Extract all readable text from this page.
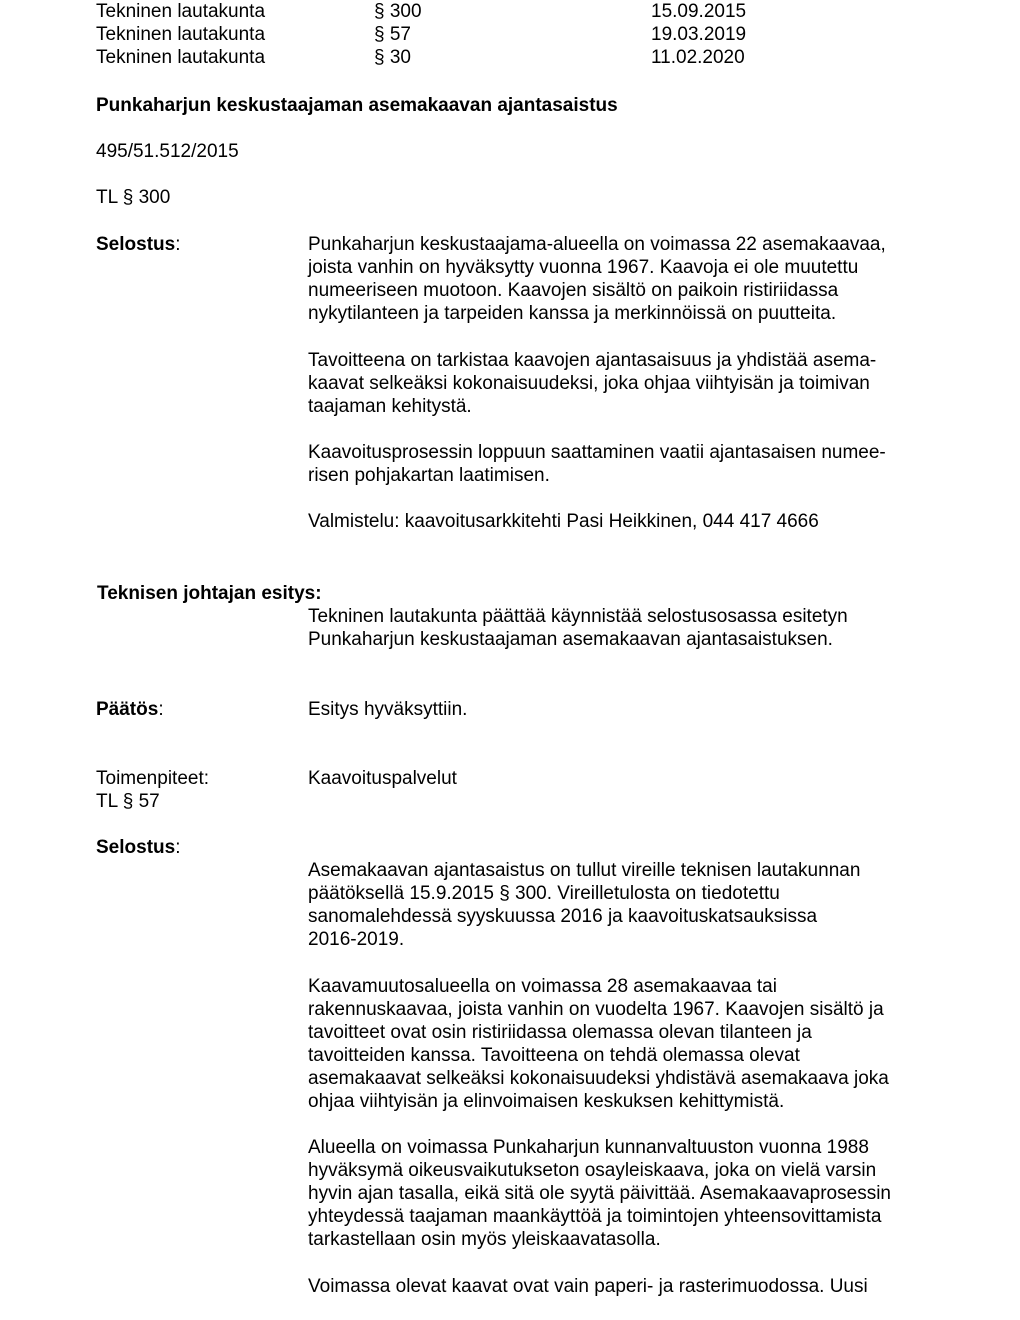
Tekninen lautakunta	§ 300	15.09.2015
Tekninen lautakunta	§ 57	19.03.2019
Tekninen lautakunta	§ 30	11.02.2020
Punkaharjun keskustaajaman asemakaavan ajantasaistus
495/51.512/2015
TL § 300
Selostus:	Punkaharjun keskustaajama-alueella on voimassa 22 asemakaavaa,
joista vanhin on hyväksytty vuonna 1967. Kaavoja ei ole muutettu
numeeriseen muotoon. Kaavojen sisältö on paikoin ristiriidassa
nykytilanteen ja tarpeiden kanssa ja merkinnöissä on puutteita.
Tavoitteena on tarkistaa kaavojen ajantasaisuus ja yhdistää asema-
kaavat selkeäksi kokonaisuudeksi, joka ohjaa viihtyisän ja toimivan
taajaman kehitystä.
Kaavoitusprosessin loppuun saattaminen vaatii ajantasaisen numee-
risen pohjakartan laatimisen.
Valmistelu: kaavoitusarkkitehti Pasi Heikkinen, 044 417 4666
Teknisen johtajan esitys:
Tekninen lautakunta päättää käynnistää selostusosassa esitetyn
Punkaharjun keskustaajaman asemakaavan ajantasaistuksen.
Päätös:	Esitys hyväksyttiin.
Toimenpiteet:	Kaavoituspalvelut
TL § 57
Selostus:
Asemakaavan ajantasaistus on tullut vireille teknisen lautakunnan
päätöksellä 15.9.2015 § 300. Vireilletulosta on tiedotettu
sanomalehdessä syyskuussa 2016 ja kaavoituskatsauksissa
2016-2019.
Kaavamuutosalueella on voimassa 28 asemakaavaa tai
rakennuskaavaa, joista vanhin on vuodelta 1967. Kaavojen sisältö ja
tavoitteet ovat osin ristiriidassa olemassa olevan tilanteen ja
tavoitteiden kanssa. Tavoitteena on tehdä olemassa olevat
asemakaavat selkeäksi kokonaisuudeksi yhdistävä asemakaava joka
ohjaa viihtyisän ja elinvoimaisen keskuksen kehittymistä.
Alueella on voimassa Punkaharjun kunnanvaltuuston vuonna 1988
hyväksymä oikeusvaikutukseton osayleiskaava, joka on vielä varsin
hyvin ajan tasalla, eikä sitä ole syytä päivittää. Asemakaavaprosessin
yhteydessä taajaman maankäyttöä ja toimintojen yhteensovittamista
tarkastellaan osin myös yleiskaavatasolla.
Voimassa olevat kaavat ovat vain paperi- ja rasterimuodossa. Uusi
